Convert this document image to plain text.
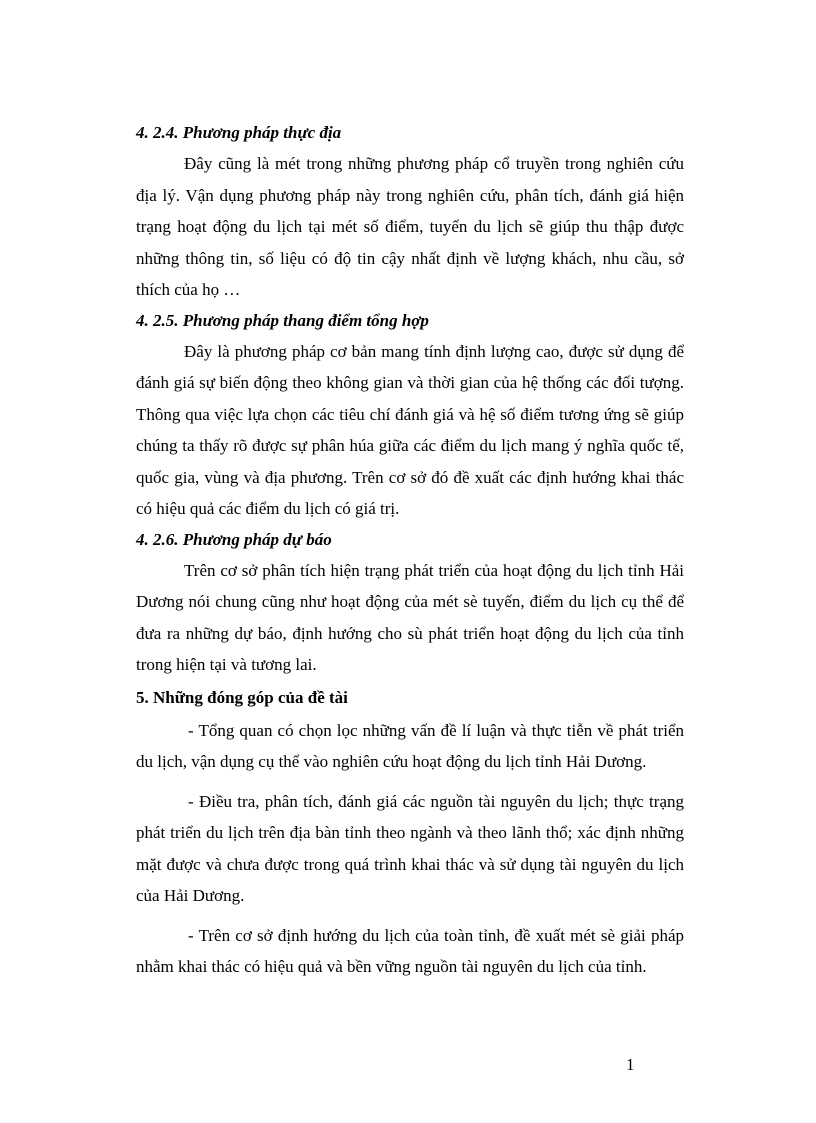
4. 2.4. Phương pháp thực địa

Đây cũng là mét trong những phương pháp cổ truyền trong nghiên cứu địa lý. Vận dụng phương pháp này trong nghiên cứu, phân tích, đánh giá hiện trạng hoạt động du lịch tại mét số điểm, tuyến du lịch sẽ giúp thu thập được những thông tin, số liệu có độ tin cậy nhất định về lượng khách, nhu cầu, sở thích của họ …

4. 2.5. Phương pháp thang điểm tổng hợp

Đây là phương pháp cơ bản mang tính định lượng cao, được sử dụng để đánh giá sự biến động theo không gian và thời gian của hệ thống các đối tượng. Thông qua việc lựa chọn các tiêu chí đánh giá và hệ số điểm tương ứng sẽ giúp chúng ta thấy rõ được sự phân húa giữa các điểm du lịch mang ý nghĩa quốc tế, quốc gia, vùng và địa phương. Trên cơ sở đó đề xuất các định hướng khai thác có hiệu quả các điểm du lịch có giá trị.

4. 2.6. Phương pháp dự báo

Trên cơ sở phân tích hiện trạng phát triển của hoạt động du lịch tỉnh Hải Dương nói chung cũng như hoạt động của mét sè tuyến, điểm du lịch cụ thể để đưa ra những dự báo, định hướng cho sù phát triển hoạt động du lịch của tỉnh trong hiện tại và tương lai.

5. Những đóng góp của đề tài

- Tổng quan có chọn lọc những vấn đề lí luận và thực tiễn về phát triển du lịch, vận dụng cụ thể vào nghiên cứu hoạt động du lịch tỉnh Hải Dương.

- Điều tra, phân tích, đánh giá các nguồn tài nguyên du lịch; thực trạng phát triển du lịch trên địa bàn tỉnh theo ngành và theo lãnh thổ; xác định những mặt được và chưa được trong quá trình khai thác và sử dụng tài nguyên du lịch của Hải Dương.

- Trên cơ sở định hướng du lịch của toàn tỉnh, đề xuất mét sè giải pháp nhằm khai thác có hiệu quả và bền vững nguồn tài nguyên du lịch của tỉnh.

1
